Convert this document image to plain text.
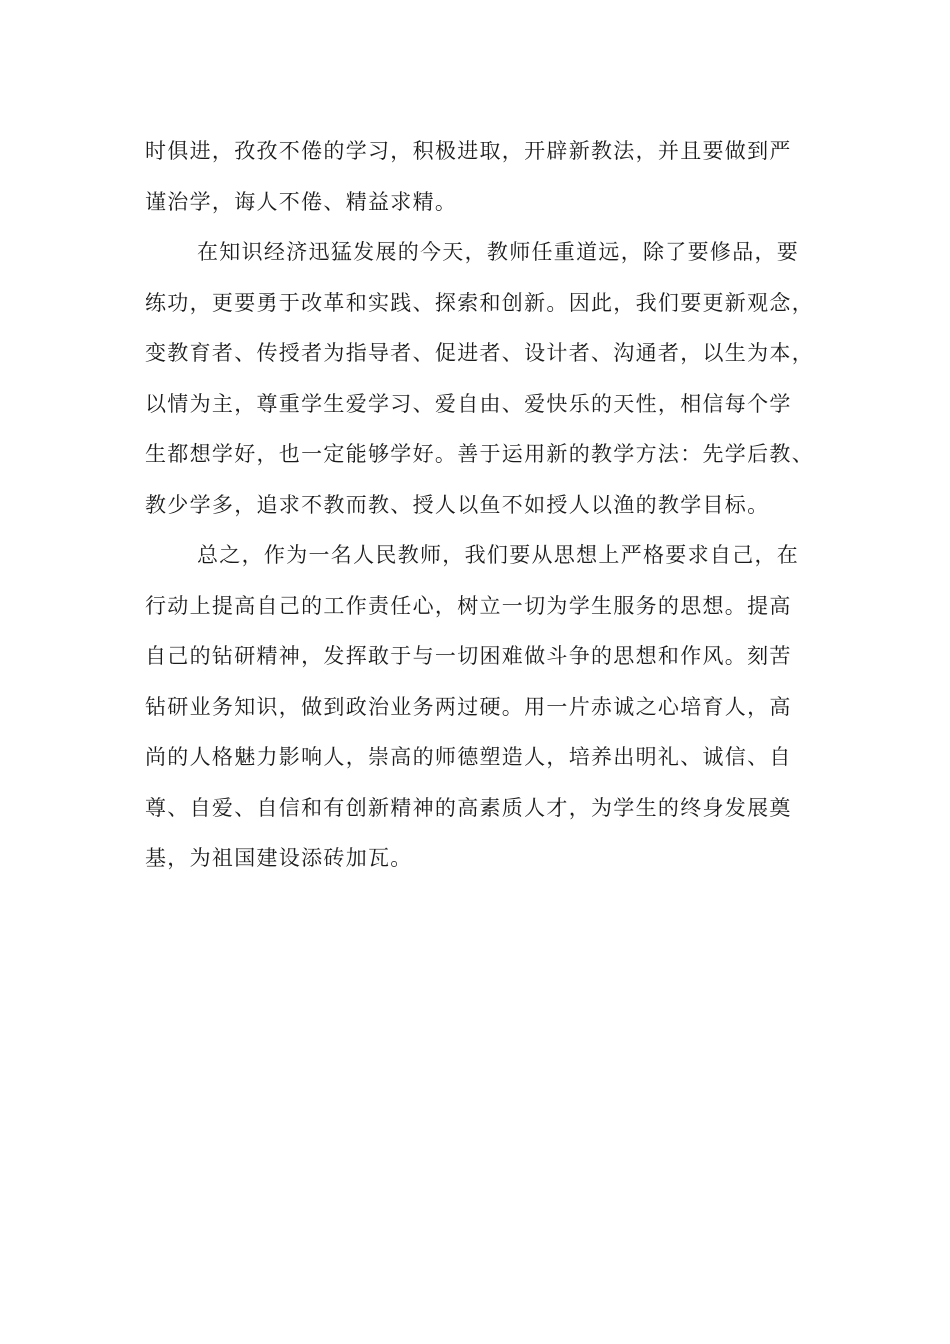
时俱进，孜孜不倦的学习，积极进取，开辟新教法，并且要做到严
谨治学，诲人不倦、精益求精。
在知识经济迅猛发展的今天，教师任重道远，除了要修品，要
练功，更要勇于改革和实践、探索和创新。因此，我们要更新观念，
变教育者、传授者为指导者、促进者、设计者、沟通者，以生为本，
以情为主，尊重学生爱学习、爱自由、爱快乐的天性，相信每个学
生都想学好，也一定能够学好。善于运用新的教学方法：先学后教、
教少学多，追求不教而教、授人以鱼不如授人以渔的教学目标。
总之，作为一名人民教师，我们要从思想上严格要求自己，在
行动上提高自己的工作责任心，树立一切为学生服务的思想。提高
自己的钻研精神，发挥敢于与一切困难做斗争的思想和作风。刻苦
钻研业务知识，做到政治业务两过硬。用一片赤诚之心培育人，高
尚的人格魅力影响人，崇高的师德塑造人，培养出明礼、诚信、自
尊、自爱、自信和有创新精神的高素质人才，为学生的终身发展奠
基，为祖国建设添砖加瓦。
